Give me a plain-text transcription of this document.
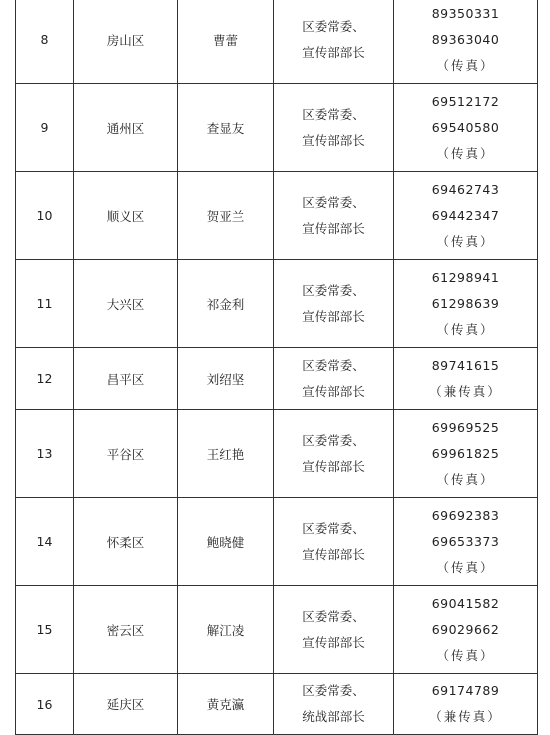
8	房山区	曹蕾	区委常委、
宣传部部长	89350331
89363040
（传真）

9	通州区	查显友	区委常委、
宣传部部长	69512172
69540580
（传真）

10	顺义区	贺亚兰	区委常委、
宣传部部长	69462743
69442347
（传真）

11	大兴区	祁金利	区委常委、
宣传部部长	61298941
61298639
（传真）

12	昌平区	刘绍坚	区委常委、
宣传部部长	89741615
（兼传真）

13	平谷区	王红艳	区委常委、
宣传部部长	69969525
69961825
（传真）

14	怀柔区	鲍晓健	区委常委、
宣传部部长	69692383
69653373
（传真）

15	密云区	解江凌	区委常委、
宣传部部长	69041582
69029662
（传真）

16	延庆区	黄克瀛	区委常委、
统战部部长	69174789
（兼传真）
